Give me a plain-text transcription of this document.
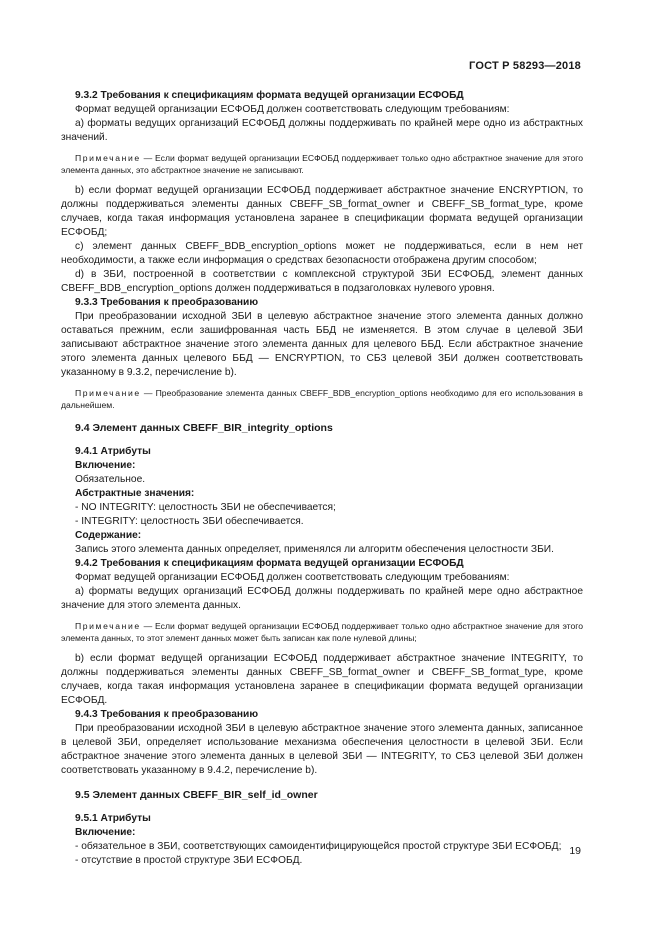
ГОСТ Р 58293—2018

9.3.2 Требования к спецификациям формата ведущей организации ЕСФОБД

Формат ведущей организации ЕСФОБД должен соответствовать следующим требованиям:

а) форматы ведущих организаций ЕСФОБД должны поддерживать по крайней мере одно из абстрактных значений.

Примечание — Если формат ведущей организации ЕСФОБД поддерживает только одно абстрактное значение для этого элемента данных, это абстрактное значение не записывают.

b) если формат ведущей организации ЕСФОБД поддерживает абстрактное значение ENCRYPTION, то должны поддерживаться элементы данных CBEFF_SB_format_owner и CBEFF_SB_format_type, кроме случаев, когда такая информация установлена заранее в спецификации формата ведущей организации ЕСФОБД;

c) элемент данных CBEFF_BDB_encryption_options может не поддерживаться, если в нем нет необходимости, а также если информация о средствах безопасности отображена другим способом;

d) в ЗБИ, построенной в соответствии с комплексной структурой ЗБИ ЕСФОБД, элемент данных CBEFF_BDB_encryption_options должен поддерживаться в подзаголовках нулевого уровня.

9.3.3 Требования к преобразованию

При преобразовании исходной ЗБИ в целевую абстрактное значение этого элемента данных должно оставаться прежним, если зашифрованная часть ББД не изменяется. В этом случае в целевой ЗБИ записывают абстрактное значение этого элемента данных для целевого ББД. Если абстрактное значение этого элемента данных целевого ББД — ENCRYPTION, то СБЗ целевой ЗБИ должен соответствовать указанному в 9.3.2, перечисление b).

Примечание — Преобразование элемента данных CBEFF_BDB_encryption_options необходимо для его использования в дальнейшем.

9.4 Элемент данных CBEFF_BIR_integrity_options

9.4.1 Атрибуты

Включение:

Обязательное.

Абстрактные значения:

- NO INTEGRITY: целостность ЗБИ не обеспечивается;

- INTEGRITY: целостность ЗБИ обеспечивается.

Содержание:

Запись этого элемента данных определяет, применялся ли алгоритм обеспечения целостности ЗБИ.

9.4.2 Требования к спецификациям формата ведущей организации ЕСФОБД

Формат ведущей организации ЕСФОБД должен соответствовать следующим требованиям:

а) форматы ведущих организаций ЕСФОБД должны поддерживать по крайней мере одно абстрактное значение для этого элемента данных.

Примечание — Если формат ведущей организации ЕСФОБД поддерживает только одно абстрактное значение для этого элемента данных, то этот элемент данных может быть записан как поле нулевой длины;

b) если формат ведущей организации ЕСФОБД поддерживает абстрактное значение INTEGRITY, то должны поддерживаться элементы данных CBEFF_SB_format_owner и CBEFF_SB_format_type, кроме случаев, когда такая информация установлена заранее в спецификации формата ведущей организации ЕСФОБД.

9.4.3 Требования к преобразованию

При преобразовании исходной ЗБИ в целевую абстрактное значение этого элемента данных, записанное в целевой ЗБИ, определяет использование механизма обеспечения целостности в целевой ЗБИ. Если абстрактное значение этого элемента данных в целевой ЗБИ — INTEGRITY, то СБЗ целевой ЗБИ должен соответствовать указанному в 9.4.2, перечисление b).

9.5 Элемент данных CBEFF_BIR_self_id_owner

9.5.1 Атрибуты

Включение:

- обязательное в ЗБИ, соответствующих самоидентифицирующейся простой структуре ЗБИ ЕСФОБД;

- отсутствие в простой структуре ЗБИ ЕСФОБД.

19
